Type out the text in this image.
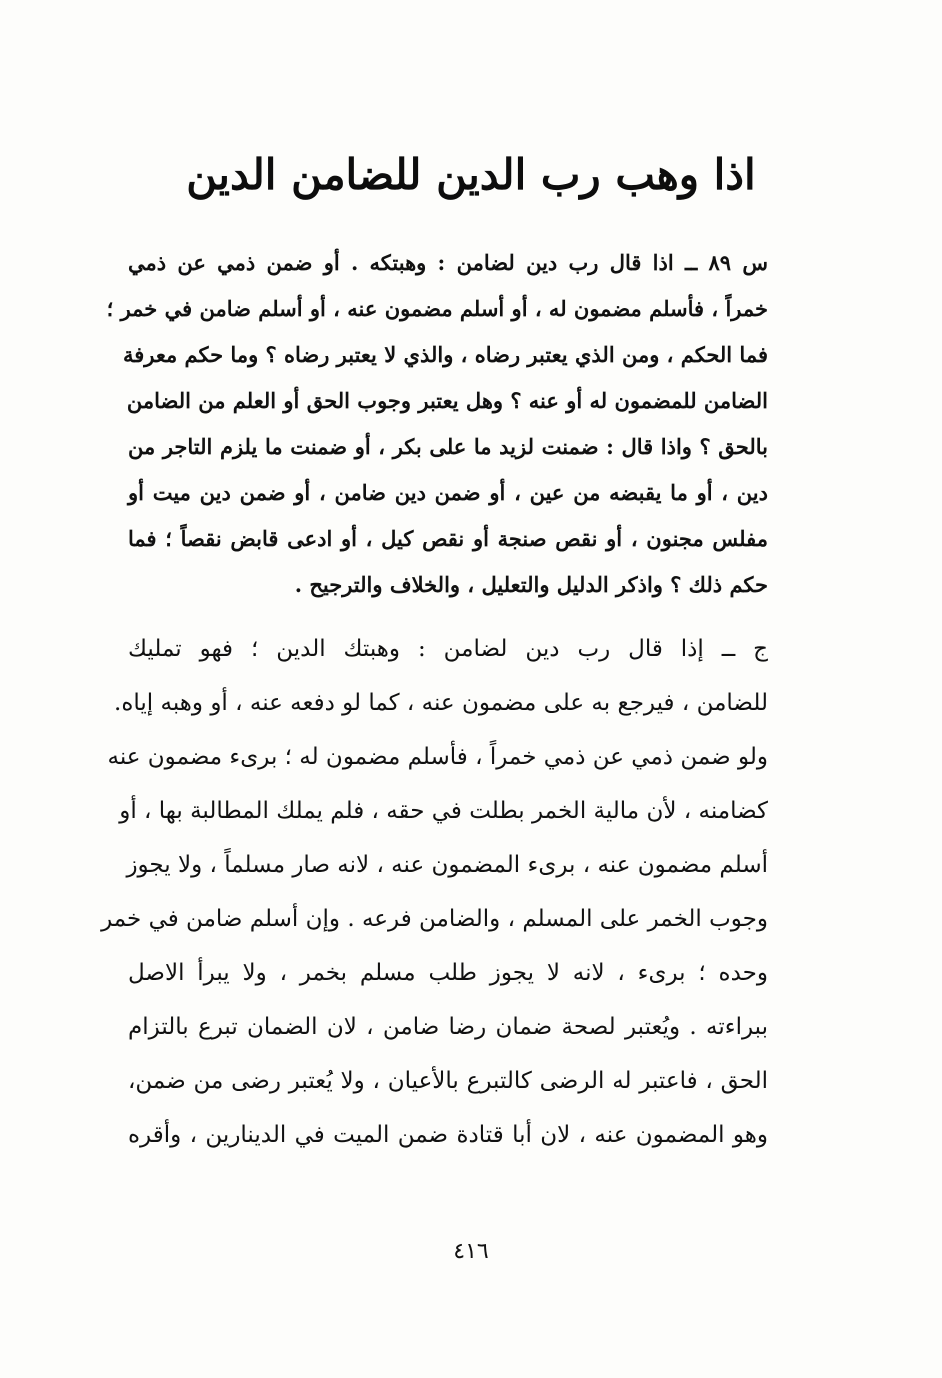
اذا وهب رب الدين للضامن الدين
س ٨٩ ــ اذا قال رب دين لضامن : وهبتكه . أو ضمن ذمي عن ذمي
خمراً ، فأسلم مضمون له ، أو أسلم مضمون عنه ، أو أسلم ضامن في خمر ؛
فما الحكم ، ومن الذي يعتبر رضاه ، والذي لا يعتبر رضاه ؟ وما حكم معرفة
الضامن للمضمون له أو عنه ؟ وهل يعتبر وجوب الحق أو العلم من الضامن
بالحق ؟ واذا قال : ضمنت لزيد ما على بكر ، أو ضمنت ما يلزم التاجر من
دين ، أو ما يقبضه من عين ، أو ضمن دين ضامن ، أو ضمن دين ميت أو
مفلس مجنون ، أو نقص صنجة أو نقص كيل ، أو ادعى قابض نقصاً ؛ فما
حكم ذلك ؟ واذكر الدليل والتعليل ، والخلاف والترجيح .
ج ــ إذا قال رب دين لضامن : وهبتك الدين ؛ فهو تمليك
للضامن ، فيرجع به على مضمون عنه ، كما لو دفعه عنه ، أو وهبه إياه.
ولو ضمن ذمي عن ذمي خمراً ، فأسلم مضمون له ؛ برىء مضمون عنه
كضامنه ، لأن مالية الخمر بطلت في حقه ، فلم يملك المطالبة بها ، أو
أسلم مضمون عنه ، برىء المضمون عنه ، لانه صار مسلماً ، ولا يجوز
وجوب الخمر على المسلم ، والضامن فرعه . وإن أسلم ضامن في خمر
وحده ؛ برىء ، لانه لا يجوز طلب مسلم بخمر ، ولا يبرأ الاصل
ببراءته . ويُعتبر لصحة ضمان رضا ضامن ، لان الضمان تبرع بالتزام
الحق ، فاعتبر له الرضى كالتبرع بالأعيان ، ولا يُعتبر رضى من ضمن،
وهو المضمون عنه ، لان أبا قتادة ضمن الميت في الدينارين ، وأقره
٤١٦
